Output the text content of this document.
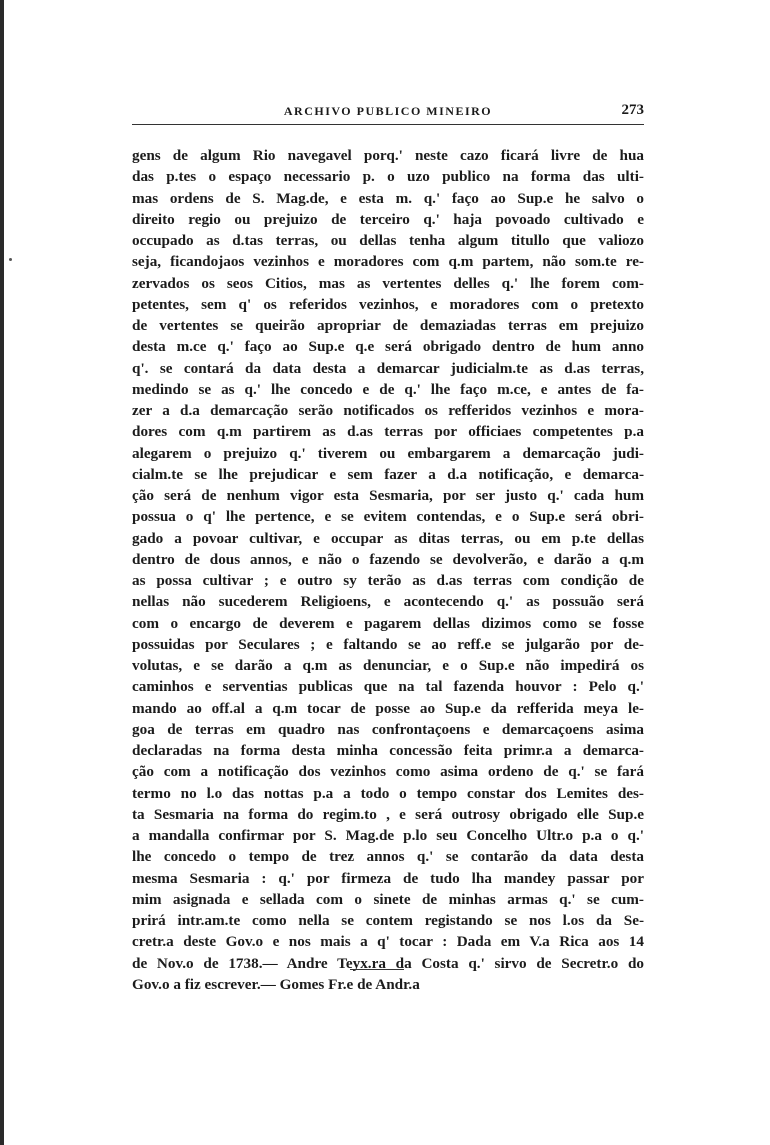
ARCHIVO PUBLICO MINEIRO	273
gens de algum Rio navegavel porq.' neste cazo ficará livre de hua
das p.tes o espaço necessario p. o uzo publico na forma das ulti-
mas ordens de S. Mag.de, e esta m. q.' faço ao Sup.e he salvo o
direito regio ou prejuizo de terceiro q.' haja povoado cultivado e
occupado as d.tas terras, ou dellas tenha algum titullo que valiozo
seja, ficandojaos vezinhos e moradores com q.m partem, não som.te re-
zervados os seos Citios, mas as vertentes delles q.' lhe forem com-
petentes, sem q' os referidos vezinhos, e moradores com o pretexto
de vertentes se queirão apropriar de demaziadas terras em prejuizo
desta m.ce q.' faço ao Sup.e q.e será obrigado dentro de hum anno
q'. se contará da data desta a demarcar judicialm.te as d.as terras,
medindo se as q.' lhe concedo e de q.' lhe faço m.ce, e antes de fa-
zer a d.a demarcação serão notificados os refferidos vezinhos e mora-
dores com q.m partirem as d.as terras por officiaes competentes p.a
alegarem o prejuizo q.' tiverem ou embargarem a demarcação judi-
cialm.te se lhe prejudicar e sem fazer a d.a notificação, e demarca-
ção será de nenhum vigor esta Sesmaria, por ser justo q.' cada hum
possua o q' lhe pertence, e se evitem contendas, e o Sup.e será obri-
gado a povoar cultivar, e occupar as ditas terras, ou em p.te dellas
dentro de dous annos, e não o fazendo se devolverão, e darão a q.m
as possa cultivar ; e outro sy terão as d.as terras com condição de
nellas não sucederem Religioens, e acontecendo q.' as possuão será
com o encargo de deverem e pagarem dellas dizimos como se fosse
possuidas por Seculares ; e faltando se ao reff.e se julgarão por de-
volutas, e se darão a q.m as denunciar, e o Sup.e não impedirá os
caminhos e serventias publicas que na tal fazenda houvor : Pelo q.'
mando ao off.al a q.m tocar de posse ao Sup.e da refferida meya le-
goa de terras em quadro nas confrontaçoens e demarcaçoens asima
declaradas na forma desta minha concessão feita primr.a a demarca-
ção com a notificação dos vezinhos como asima ordeno de q.' se fará
termo no l.o das nottas p.a a todo o tempo constar dos Lemites des-
ta Sesmaria na forma do regim.to , e será outrosy obrigado elle Sup.e
a mandalla confirmar por S. Mag.de p.lo seu Concelho Ultr.o p.a o q.'
lhe concedo o tempo de trez annos q.' se contarão da data desta
mesma Sesmaria : q.' por firmeza de tudo lha mandey passar por
mim asignada e sellada com o sinete de minhas armas q.' se cum-
prirá intr.am.te como nella se contem registando se nos l.os da Se-
cretr.a deste Gov.o e nos mais a q' tocar : Dada em V.a Rica aos 14
de Nov.o de 1738.— Andre Teyx.ra da Costa q.' sirvo de Secretr.o do
Gov.o a fiz escrever.— Gomes Fr.e de Andr.a
